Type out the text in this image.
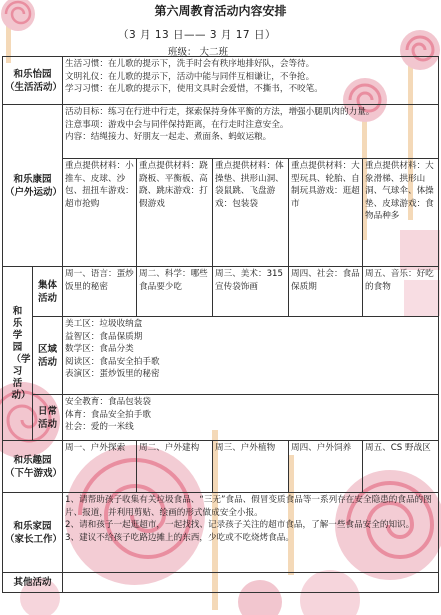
第六周教育活动内容安排
（3 月 13 日—— 3 月 17 日）
班级： 大二班
和乐怡园（生活活动）		生活习惯：在儿歌的提示下，洗手时会有秩序地排好队，会等待。
文明礼仪：在儿歌的提示下，活动中能与同伴互相谦让，不争抢。
学习习惯：在儿歌的提示下，使用文具时会爱惜，不撕书，不咬笔。				

和乐康园（户外运动）		活动目标：练习在行进中行走，探索保持身体平衡的方法，增强小腿肌肉的力量。
注意事项：游戏中会与同伴保持距离，在行走时注意安全。
内容：结绳接力、好朋友一起走、煮面条、蚂蚁运粮。				

		重点提供材料：小推车、皮球、沙包、扭扭车游戏：超市抢购	重点提供材料：跷跷板、平衡板、高跷、跳床游戏：打假游戏	重点提供材料：体操垫、拱形山洞、袋鼠跳、飞盘游戏：包装袋	重点提供材料：大型玩具、轮胎、自制玩具游戏：逛超市	重点提供材料：大象滑梯、拱形山洞、气球伞、体操垫、皮球游戏：食物品种多

和乐学园（学习活动）	集体活动	周一、语言：蛋炒饭里的秘密	周二、科学：哪些食品要少吃	周三、美术：315 宣传袋饰画	周四、社会：食品保质期	周五、音乐：好吃的食物
	区域活动	美工区：垃圾收纳盒
益智区：食品保质期
数学区：食品分类
阅读区：食品安全拍手歌
表演区：蛋炒饭里的秘密				

	日常活动	安全教育：食品包装袋
体育：食品安全拍手歌
社会：爱的一米线				

和乐趣园（下午游戏）		周一、户外探索	周二、户外建构	周三、户外植物	周四、户外饲养	周五、CS 野战区
和乐家园（家长工作）		1、请帮助孩子收集有关垃圾食品、“三无”食品、假冒变质食品等一系列存在安全隐患的食品的图片、报道，并利用剪贴、绘画的形式做成安全小报。
2、请和孩子一起逛超市，一起找找、记录孩子关注的超市食品，了解一些食品安全的知识。
3、建议不给孩子吃路边摊上的东西，少吃或不吃烧烤食品。				

其他活动						
